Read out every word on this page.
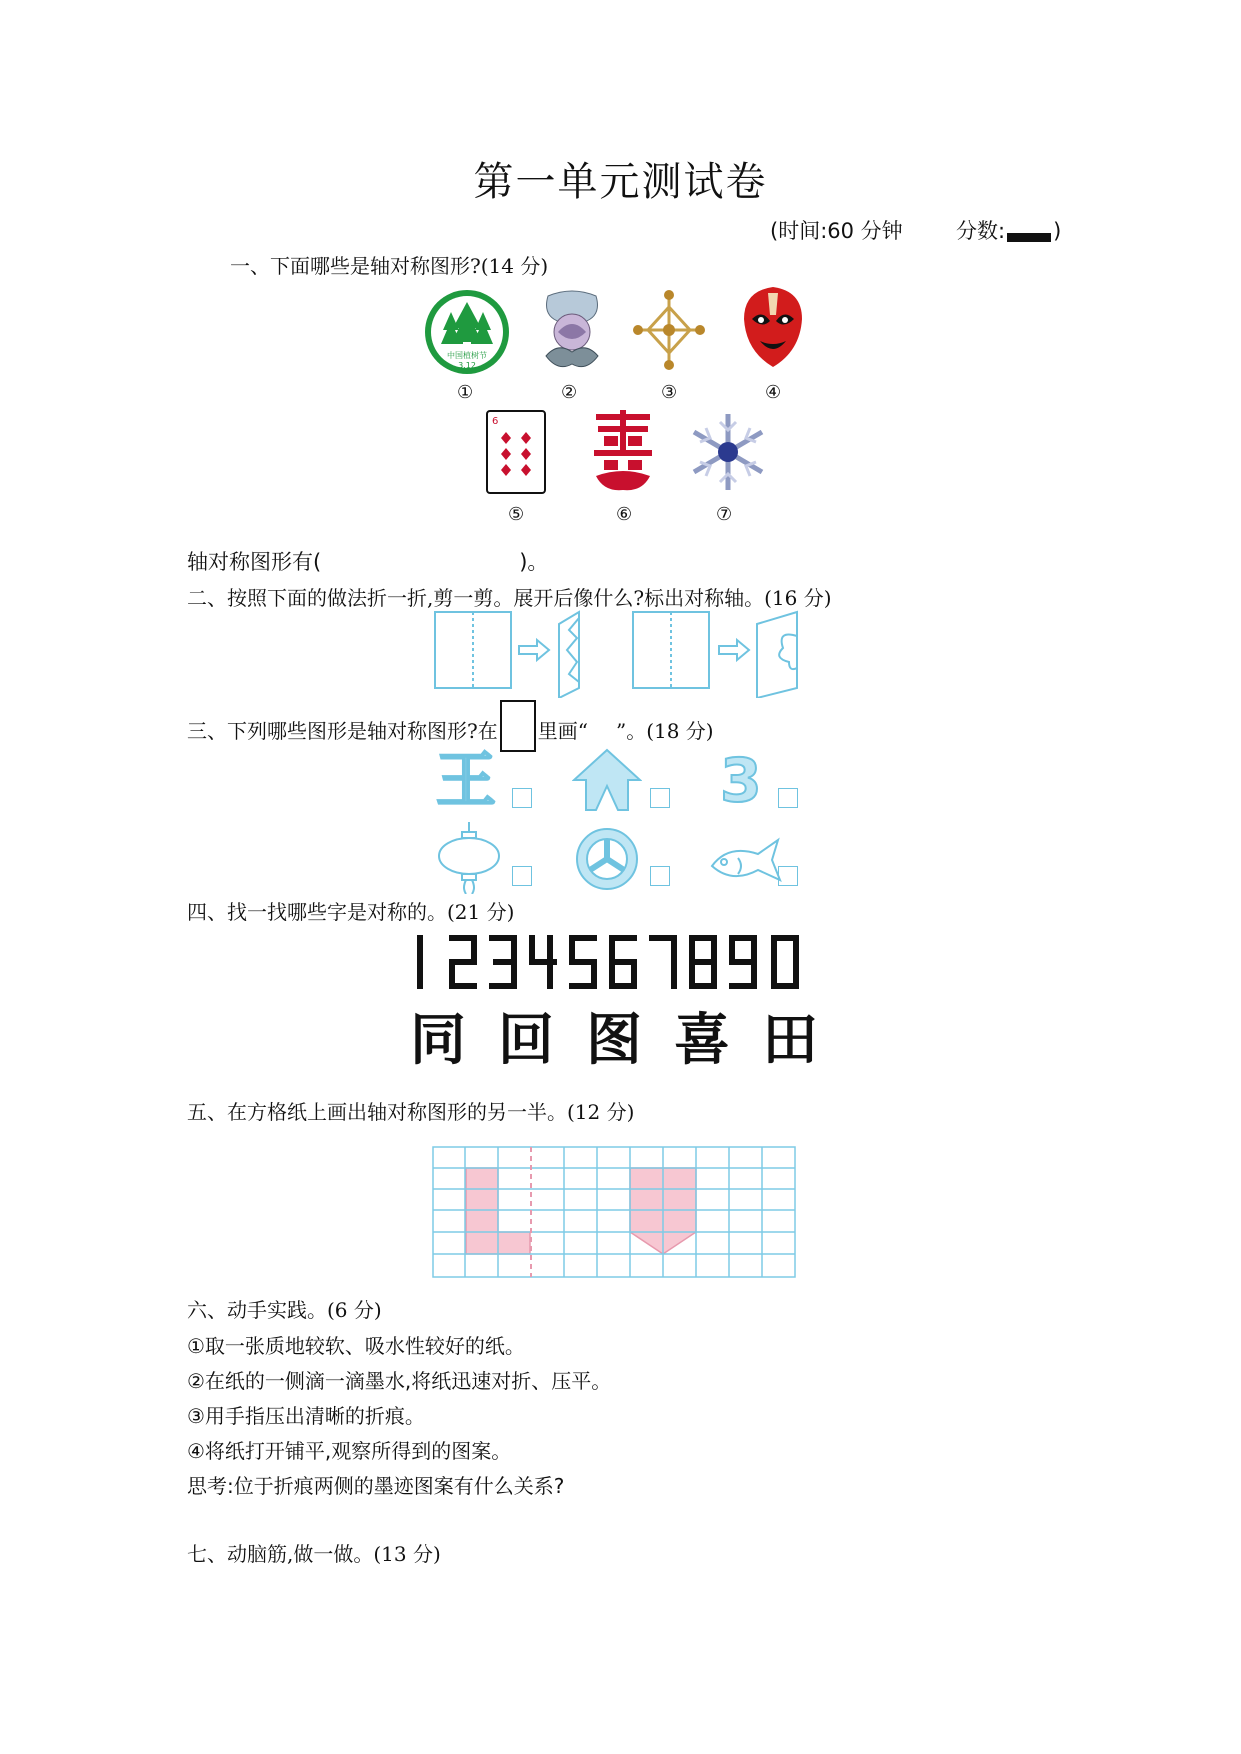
第一单元测试卷
(时间:60 分钟	分数: )
一、下面哪些是轴对称图形?(14 分)
中国植树节
3.12
①	②	③	④
6
⑤	⑥	⑦
轴对称图形有(	)。
二、按照下面的做法折一折,剪一剪。展开后像什么?标出对称轴。(16 分)
三、下列哪些图形是轴对称图形?在 里画“ ”。(18 分)
王	3
四、找一找哪些字是对称的。(21 分)
同 回 图 喜 田
五、在方格纸上画出轴对称图形的另一半。(12 分)
六、动手实践。(6 分)
①取一张质地较软、吸水性较好的纸。
②在纸的一侧滴一滴墨水,将纸迅速对折、压平。
③用手指压出清晰的折痕。
④将纸打开铺平,观察所得到的图案。
思考:位于折痕两侧的墨迹图案有什么关系?
七、动脑筋,做一做。(13 分)
